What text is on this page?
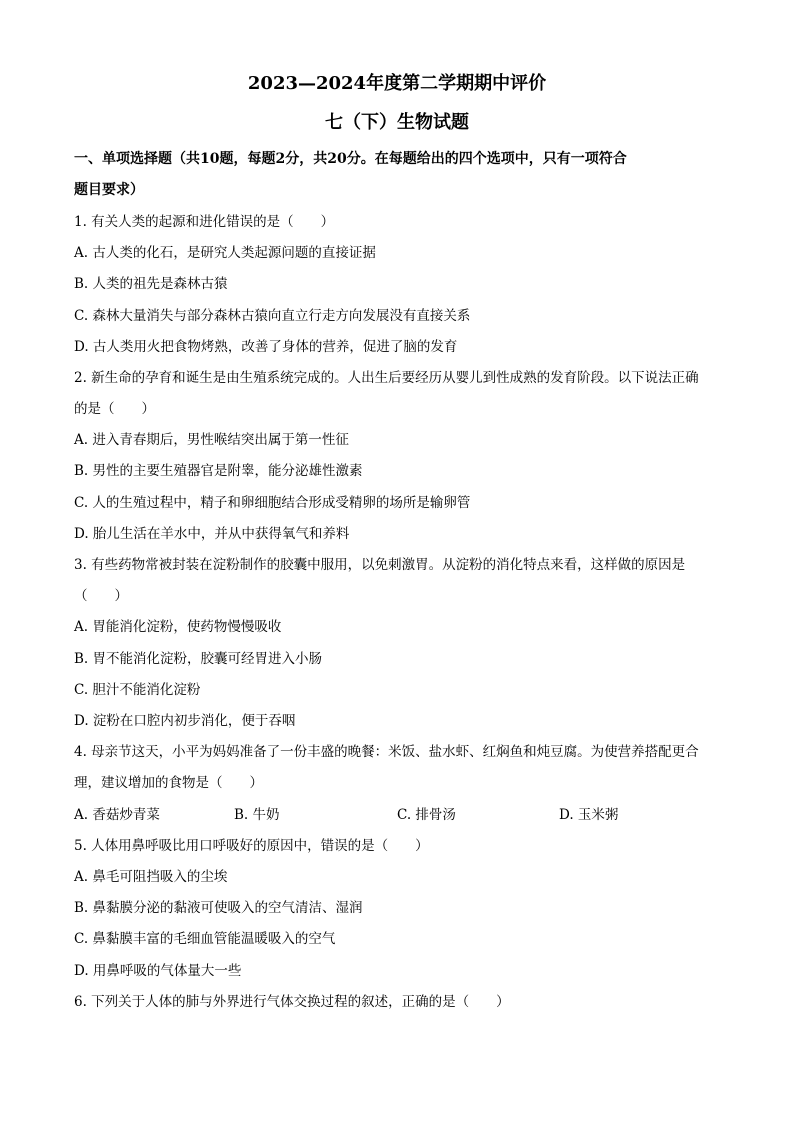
2023—2024年度第二学期期中评价
七（下）生物试题
一、单项选择题（共10题，每题2分，共20分。在每题给出的四个选项中，只有一项符合
题目要求）
1. 有关人类的起源和进化错误的是（　　）
A. 古人类的化石，是研究人类起源问题的直接证据
B. 人类的祖先是森林古猿
C. 森林大量消失与部分森林古猿向直立行走方向发展没有直接关系
D. 古人类用火把食物烤熟，改善了身体的营养，促进了脑的发育
2. 新生命的孕育和诞生是由生殖系统完成的。人出生后要经历从婴儿到性成熟的发育阶段。以下说法正确
的是（　　）
A. 进入青春期后，男性喉结突出属于第一性征
B. 男性的主要生殖器官是附睾，能分泌雄性激素
C. 人的生殖过程中，精子和卵细胞结合形成受精卵的场所是输卵管
D. 胎儿生活在羊水中，并从中获得氧气和养料
3. 有些药物常被封装在淀粉制作的胶囊中服用，以免刺激胃。从淀粉的消化特点来看，这样做的原因是
（　　）
A. 胃能消化淀粉，使药物慢慢吸收
B. 胃不能消化淀粉，胶囊可经胃进入小肠
C. 胆汁不能消化淀粉
D. 淀粉在口腔内初步消化，便于吞咽
4. 母亲节这天，小平为妈妈准备了一份丰盛的晚餐：米饭、盐水虾、红焖鱼和炖豆腐。为使营养搭配更合
理，建议增加的食物是（　　）
A. 香菇炒青菜	B. 牛奶	C. 排骨汤	D. 玉米粥
5. 人体用鼻呼吸比用口呼吸好的原因中，错误的是（　　）
A. 鼻毛可阻挡吸入的尘埃
B. 鼻黏膜分泌的黏液可使吸入的空气清洁、湿润
C. 鼻黏膜丰富的毛细血管能温暖吸入的空气
D. 用鼻呼吸的气体量大一些
6. 下列关于人体的肺与外界进行气体交换过程的叙述，正确的是（　　）
